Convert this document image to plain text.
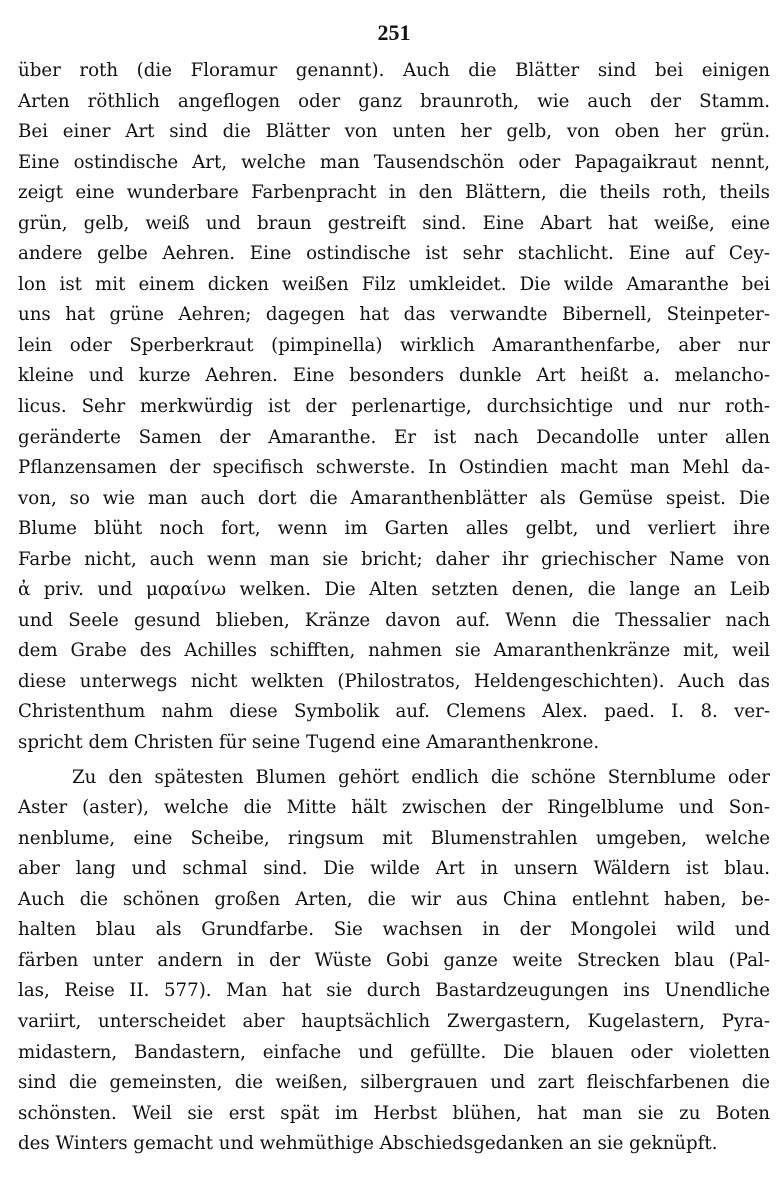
251
über roth (die Floramur genannt). Auch die Blätter sind bei einigen
Arten röthlich angeflogen oder ganz braunroth, wie auch der Stamm.
Bei einer Art sind die Blätter von unten her gelb, von oben her grün.
Eine ostindische Art, welche man Tausendschön oder Papagaikraut nennt,
zeigt eine wunderbare Farbenpracht in den Blättern, die theils roth, theils
grün, gelb, weiß und braun gestreift sind. Eine Abart hat weiße, eine
andere gelbe Aehren. Eine ostindische ist sehr stachlicht. Eine auf Cey-
lon ist mit einem dicken weißen Filz umkleidet. Die wilde Amaranthe bei
uns hat grüne Aehren; dagegen hat das verwandte Bibernell, Steinpeter-
lein oder Sperberkraut (pimpinella) wirklich Amaranthenfarbe, aber nur
kleine und kurze Aehren. Eine besonders dunkle Art heißt a. melancho-
licus. Sehr merkwürdig ist der perlenartige, durchsichtige und nur roth-
geränderte Samen der Amaranthe. Er ist nach Decandolle unter allen
Pflanzensamen der specifisch schwerste. In Ostindien macht man Mehl da-
von, so wie man auch dort die Amaranthenblätter als Gemüse speist. Die
Blume blüht noch fort, wenn im Garten alles gelbt, und verliert ihre
Farbe nicht, auch wenn man sie bricht; daher ihr griechischer Name von
ἀ priv. und μαραίνω welken. Die Alten setzten denen, die lange an Leib
und Seele gesund blieben, Kränze davon auf. Wenn die Thessalier nach
dem Grabe des Achilles schifften, nahmen sie Amaranthenkränze mit, weil
diese unterwegs nicht welkten (Philostratos, Heldengeschichten). Auch das
Christenthum nahm diese Symbolik auf. Clemens Alex. paed. I. 8. ver-
spricht dem Christen für seine Tugend eine Amaranthenkrone.
Zu den spätesten Blumen gehört endlich die schöne Sternblume oder
Aster (aster), welche die Mitte hält zwischen der Ringelblume und Son-
nenblume, eine Scheibe, ringsum mit Blumenstrahlen umgeben, welche
aber lang und schmal sind. Die wilde Art in unsern Wäldern ist blau.
Auch die schönen großen Arten, die wir aus China entlehnt haben, be-
halten blau als Grundfarbe. Sie wachsen in der Mongolei wild und
färben unter andern in der Wüste Gobi ganze weite Strecken blau (Pal-
las, Reise II. 577). Man hat sie durch Bastardzeugungen ins Unendliche
variirt, unterscheidet aber hauptsächlich Zwergastern, Kugelastern, Pyra-
midastern, Bandastern, einfache und gefüllte. Die blauen oder violetten
sind die gemeinsten, die weißen, silbergrauen und zart fleischfarbenen die
schönsten. Weil sie erst spät im Herbst blühen, hat man sie zu Boten
des Winters gemacht und wehmüthige Abschiedsgedanken an sie geknüpft.
